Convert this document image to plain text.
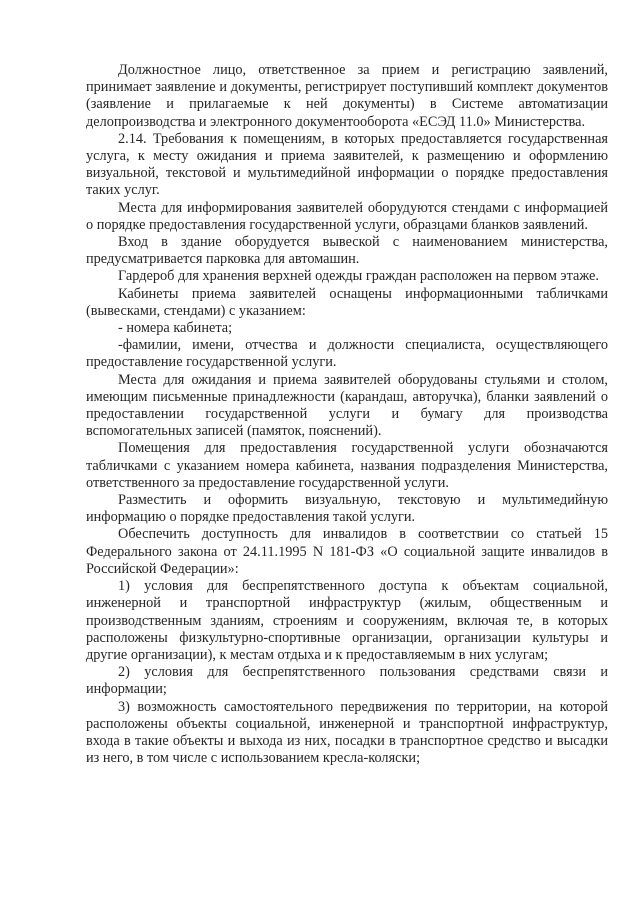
Должностное лицо, ответственное за прием и регистрацию заявлений, принимает заявление и документы, регистрирует поступивший комплект документов (заявление и прилагаемые к ней документы) в Системе автоматизации делопроизводства и электронного документооборота «ЕСЭД 11.0» Министерства.

2.14. Требования к помещениям, в которых предоставляется государственная услуга, к месту ожидания и приема заявителей, к размещению и оформлению визуальной, текстовой и мультимедийной информации о порядке предоставления таких услуг.

Места для информирования заявителей оборудуются стендами с информацией о порядке предоставления государственной услуги, образцами бланков заявлений.

Вход в здание оборудуется вывеской с наименованием министерства, предусматривается парковка для автомашин.

Гардероб для хранения верхней одежды граждан расположен на первом этаже.

Кабинеты приема заявителей оснащены информационными табличками (вывесками, стендами) с указанием:

- номера кабинета;

-фамилии, имени, отчества и должности специалиста, осуществляющего предоставление государственной услуги.

Места для ожидания и приема заявителей оборудованы стульями и столом, имеющим письменные принадлежности (карандаш, авторучка), бланки заявлений о предоставлении государственной услуги и бумагу для производства вспомогательных записей (памяток, пояснений).

Помещения для предоставления государственной услуги обозначаются табличками с указанием номера кабинета, названия подразделения Министерства, ответственного за предоставление государственной услуги.

Разместить и оформить визуальную, текстовую и мультимедийную информацию о порядке предоставления такой услуги.

Обеспечить доступность для инвалидов в соответствии со статьей 15 Федерального закона от 24.11.1995 N 181-ФЗ «О социальной защите инвалидов в Российской Федерации»:

1) условия для беспрепятственного доступа к объектам социальной, инженерной и транспортной инфраструктур (жилым, общественным и производственным зданиям, строениям и сооружениям, включая те, в которых расположены физкультурно-спортивные организации, организации культуры и другие организации), к местам отдыха и к предоставляемым в них услугам;

2) условия для беспрепятственного пользования средствами связи и информации;

3) возможность самостоятельного передвижения по территории, на которой расположены объекты социальной, инженерной и транспортной инфраструктур, входа в такие объекты и выхода из них, посадки в транспортное средство и высадки из него, в том числе с использованием кресла-коляски;
